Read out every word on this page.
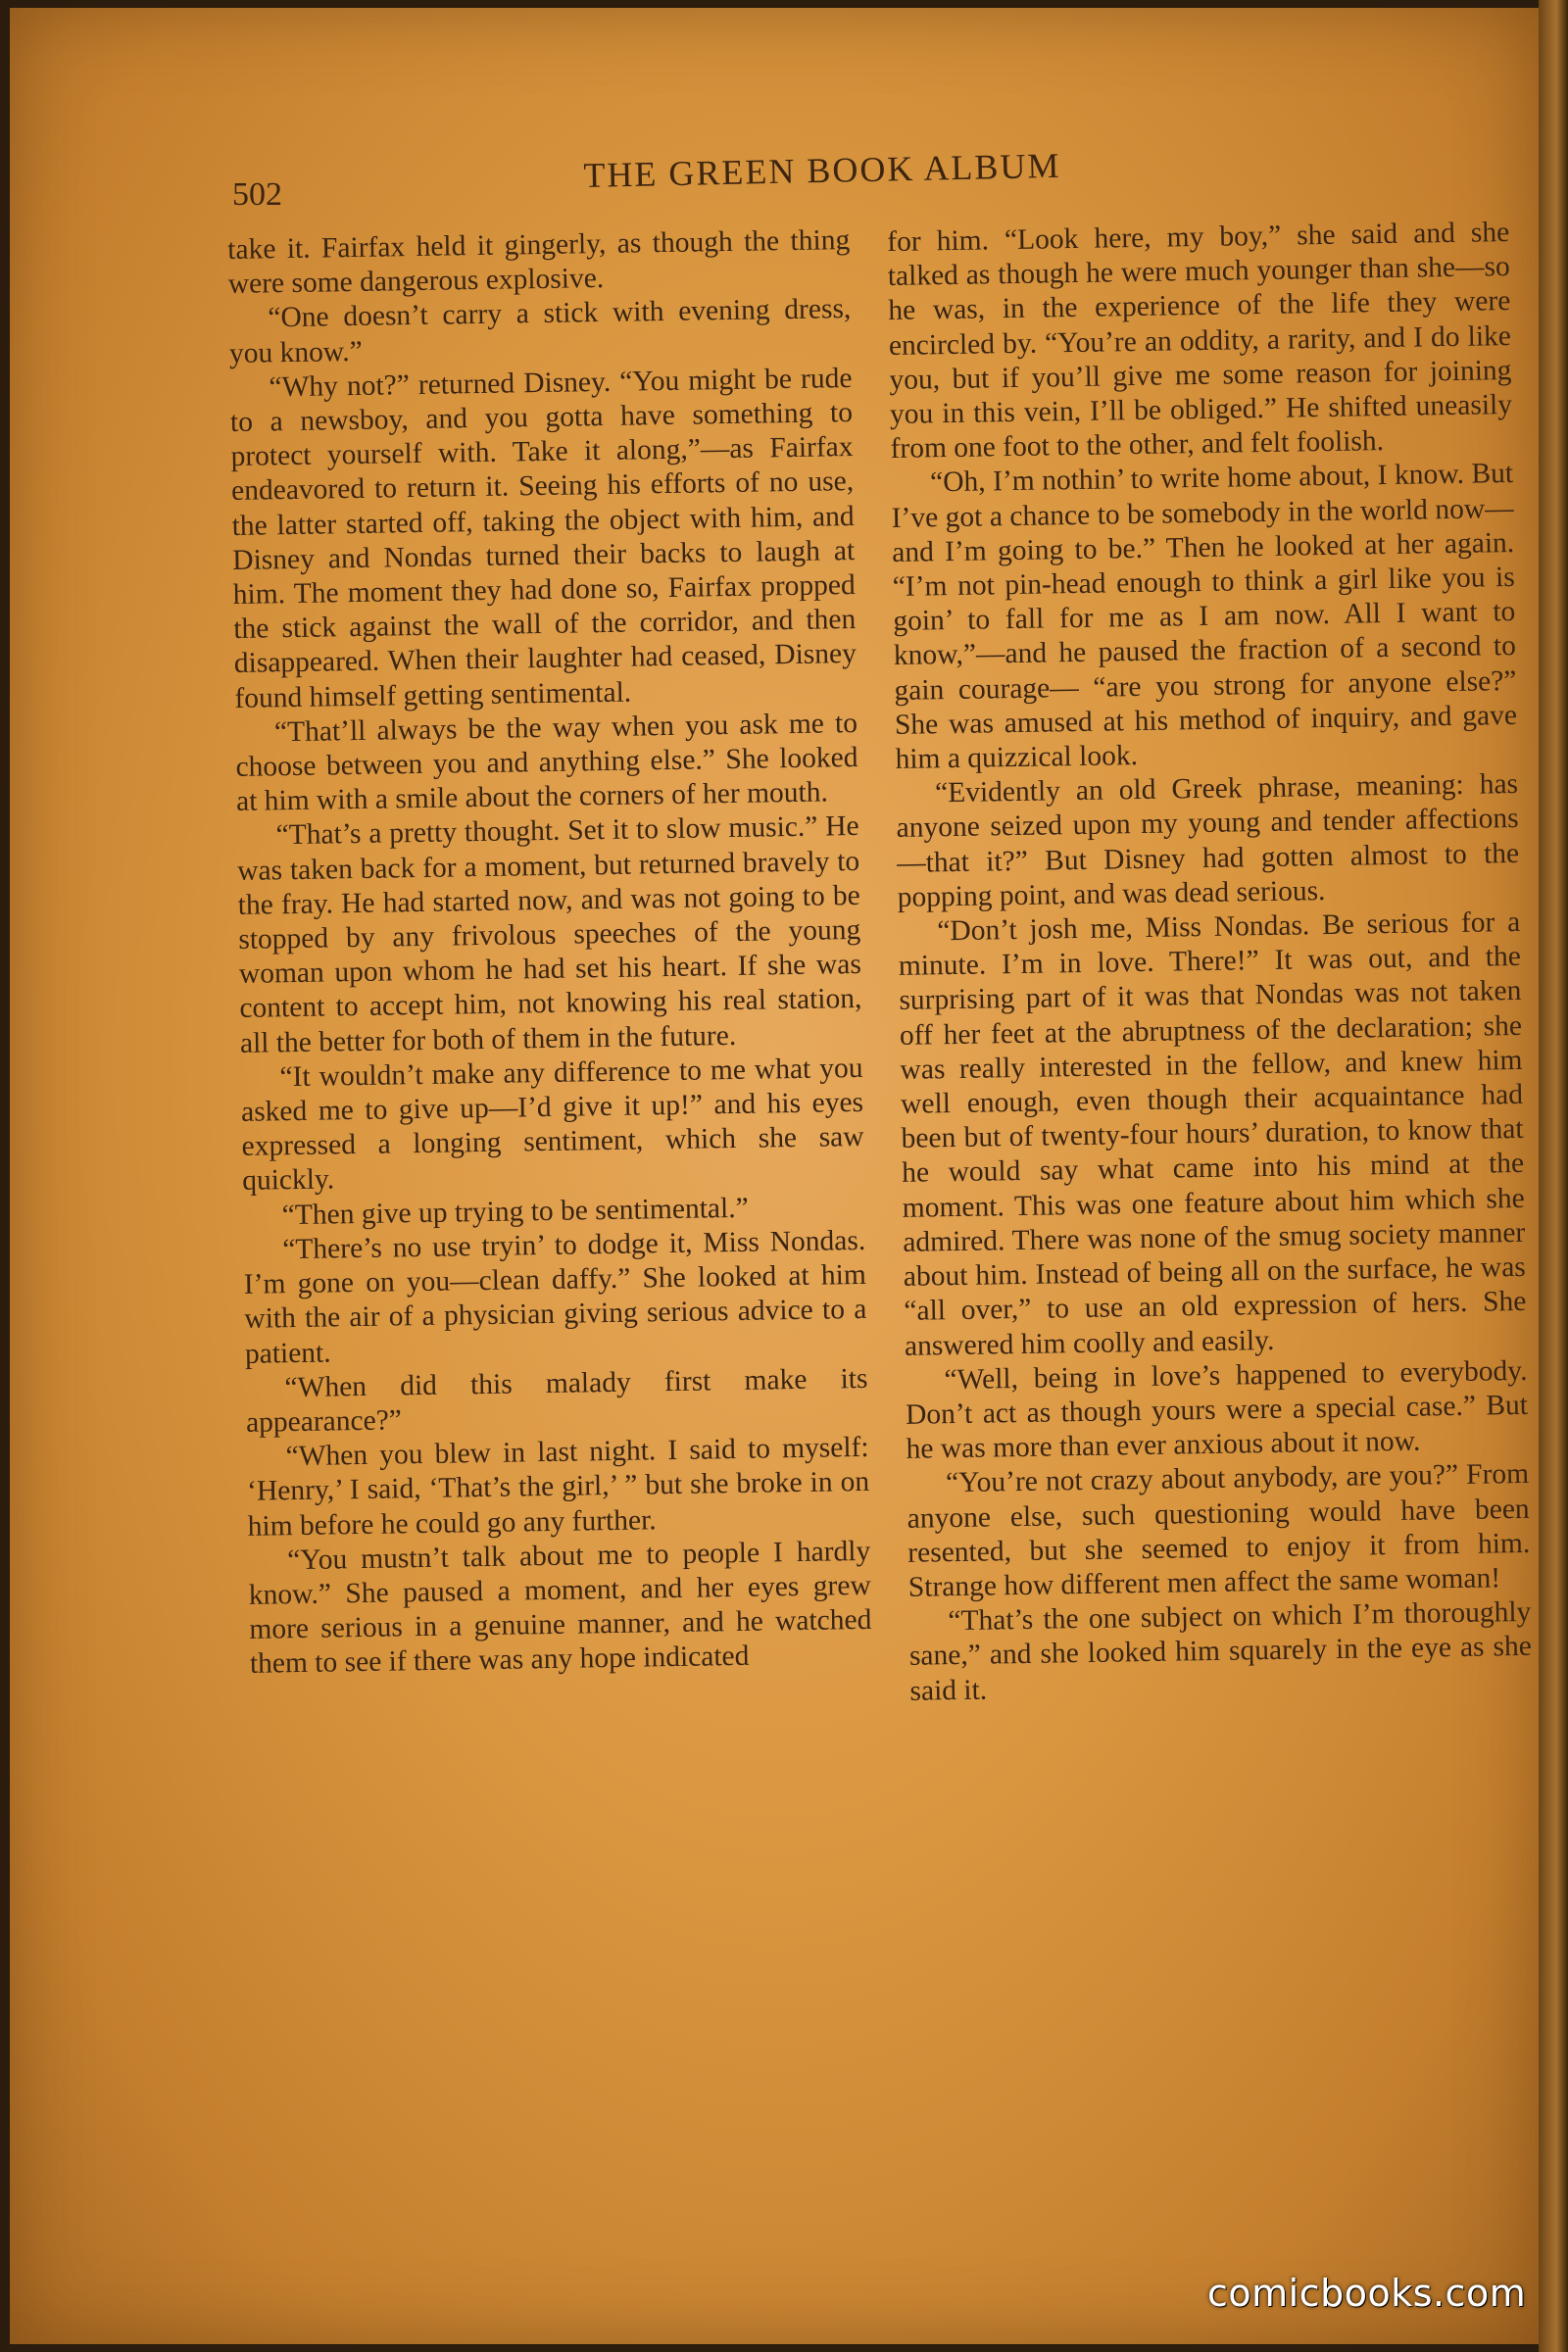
502	THE GREEN BOOK ALBUM

take it. Fairfax held it gingerly, as though the thing were some dangerous explosive.

“One doesn’t carry a stick with evening dress, you know.”

“Why not?” returned Disney. “You might be rude to a newsboy, and you gotta have something to protect yourself with. Take it along,”—as Fairfax endeavored to return it. Seeing his efforts of no use, the latter started off, taking the object with him, and Disney and Nondas turned their backs to laugh at him. The moment they had done so, Fairfax propped the stick against the wall of the corridor, and then disappeared. When their laughter had ceased, Disney found himself getting sentimental.

“That’ll always be the way when you ask me to choose between you and anything else.” She looked at him with a smile about the corners of her mouth.

“That’s a pretty thought. Set it to slow music.” He was taken back for a moment, but returned bravely to the fray. He had started now, and was not going to be stopped by any frivolous speeches of the young woman upon whom he had set his heart. If she was content to accept him, not knowing his real station, all the better for both of them in the future.

“It wouldn’t make any difference to me what you asked me to give up—I’d give it up!” and his eyes expressed a longing sentiment, which she saw quickly.

“Then give up trying to be sentimental.”

“There’s no use tryin’ to dodge it, Miss Nondas. I’m gone on you—clean daffy.” She looked at him with the air of a physician giving serious advice to a patient.

“When did this malady first make its appearance?”

“When you blew in last night. I said to myself: ‘Henry,’ I said, ‘That’s the girl,’ ” but she broke in on him before he could go any further.

“You mustn’t talk about me to people I hardly know.” She paused a moment, and her eyes grew more serious in a genuine manner, and he watched them to see if there was any hope indicated

for him. “Look here, my boy,” she said and she talked as though he were much younger than she—so he was, in the experience of the life they were encircled by. “You’re an oddity, a rarity, and I do like you, but if you’ll give me some reason for joining you in this vein, I’ll be obliged.” He shifted uneasily from one foot to the other, and felt foolish.

“Oh, I’m nothin’ to write home about, I know. But I’ve got a chance to be somebody in the world now—and I’m going to be.” Then he looked at her again. “I’m not pin-head enough to think a girl like you is goin’ to fall for me as I am now. All I want to know,”—and he paused the fraction of a second to gain courage— “are you strong for anyone else?” She was amused at his method of inquiry, and gave him a quizzical look.

“Evidently an old Greek phrase, meaning: has anyone seized upon my young and tender affections—that it?” But Disney had gotten almost to the popping point, and was dead serious.

“Don’t josh me, Miss Nondas. Be serious for a minute. I’m in love. There!” It was out, and the surprising part of it was that Nondas was not taken off her feet at the abruptness of the declaration; she was really interested in the fellow, and knew him well enough, even though their acquaintance had been but of twenty-four hours’ duration, to know that he would say what came into his mind at the moment. This was one feature about him which she admired. There was none of the smug society manner about him. Instead of being all on the surface, he was “all over,” to use an old expression of hers. She answered him coolly and easily.

“Well, being in love’s happened to everybody. Don’t act as though yours were a special case.” But he was more than ever anxious about it now.

“You’re not crazy about anybody, are you?” From anyone else, such questioning would have been resented, but she seemed to enjoy it from him. Strange how different men affect the same woman!

“That’s the one subject on which I’m thoroughly sane,” and she looked him squarely in the eye as she said it.

comicbooks.com
